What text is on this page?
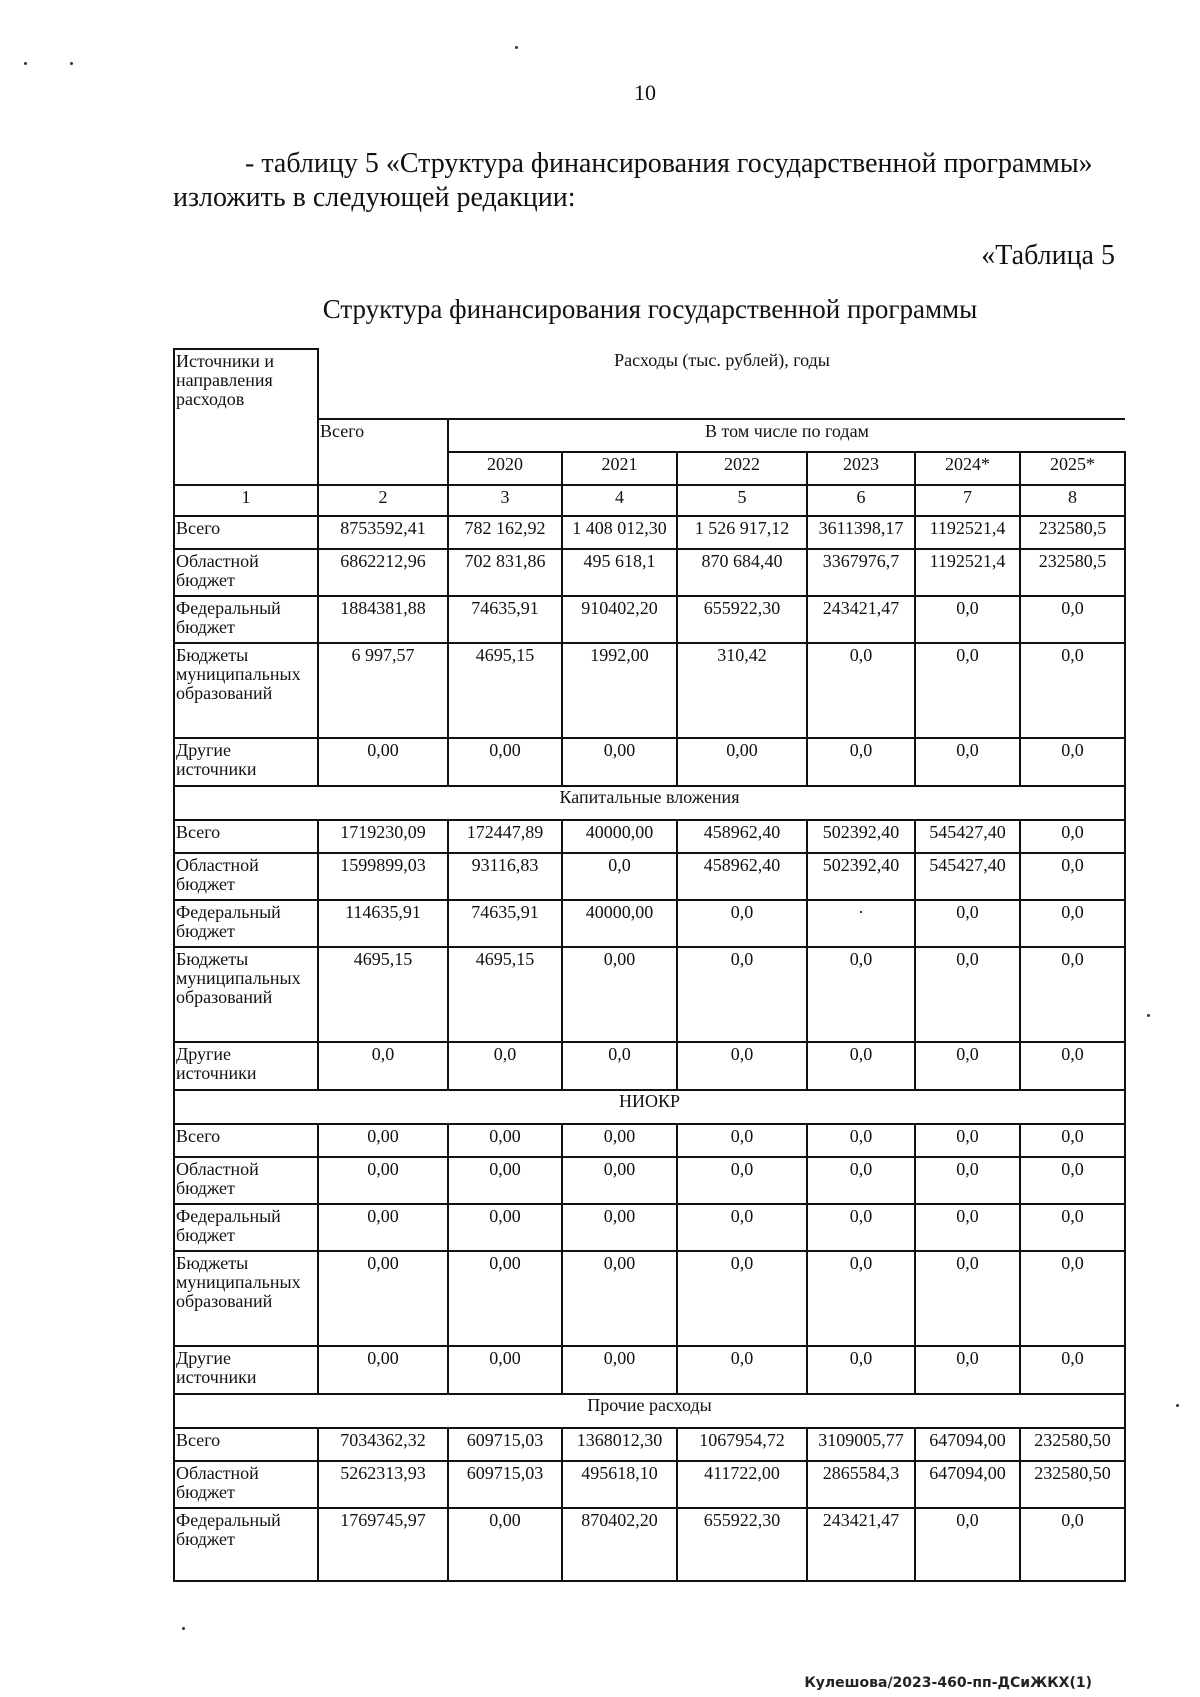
10
- таблицу 5 «Структура финансирования государственной программы»
изложить в следующей редакции:
«Таблица 5
Структура финансирования государственной программы
Источники и направления расходов	Расходы (тыс. рублей), годы						
	Всего	В том числе по годам					
		2020	2021	2022	2023	2024*	2025*
1	2	3	4	5	6	7	8
Всего	8753592,41	782 162,92	1 408 012,30	1 526 917,12	3611398,17	1192521,4	232580,5
Областной бюджет	6862212,96	702 831,86	495 618,1	870 684,40	3367976,7	1192521,4	232580,5
Федеральный бюджет	1884381,88	74635,91	910402,20	655922,30	243421,47	0,0	0,0
Бюджеты муниципальных образований	6 997,57	4695,15	1992,00	310,42	0,0	0,0	0,0
Другие источники	0,00	0,00	0,00	0,00	0,0	0,0	0,0
Капитальные вложения							
Всего	1719230,09	172447,89	40000,00	458962,40	502392,40	545427,40	0,0
Областной бюджет	1599899,03	93116,83	0,0	458962,40	502392,40	545427,40	0,0
Федеральный бюджет	114635,91	74635,91	40000,00	0,0	·	0,0	0,0
Бюджеты муниципальных образований	4695,15	4695,15	0,00	0,0	0,0	0,0	0,0
Другие источники	0,0	0,0	0,0	0,0	0,0	0,0	0,0
НИОКР							
Всего	0,00	0,00	0,00	0,0	0,0	0,0	0,0
Областной бюджет	0,00	0,00	0,00	0,0	0,0	0,0	0,0
Федеральный бюджет	0,00	0,00	0,00	0,0	0,0	0,0	0,0
Бюджеты муниципальных образований	0,00	0,00	0,00	0,0	0,0	0,0	0,0
Другие источники	0,00	0,00	0,00	0,0	0,0	0,0	0,0
Прочие расходы							
Всего	7034362,32	609715,03	1368012,30	1067954,72	3109005,77	647094,00	232580,50
Областной бюджет	5262313,93	609715,03	495618,10	411722,00	2865584,3	647094,00	232580,50
Федеральный бюджет	1769745,97	0,00	870402,20	655922,30	243421,47	0,0	0,0
Кулешова/2023-460-пп-ДСиЖКХ(1)
